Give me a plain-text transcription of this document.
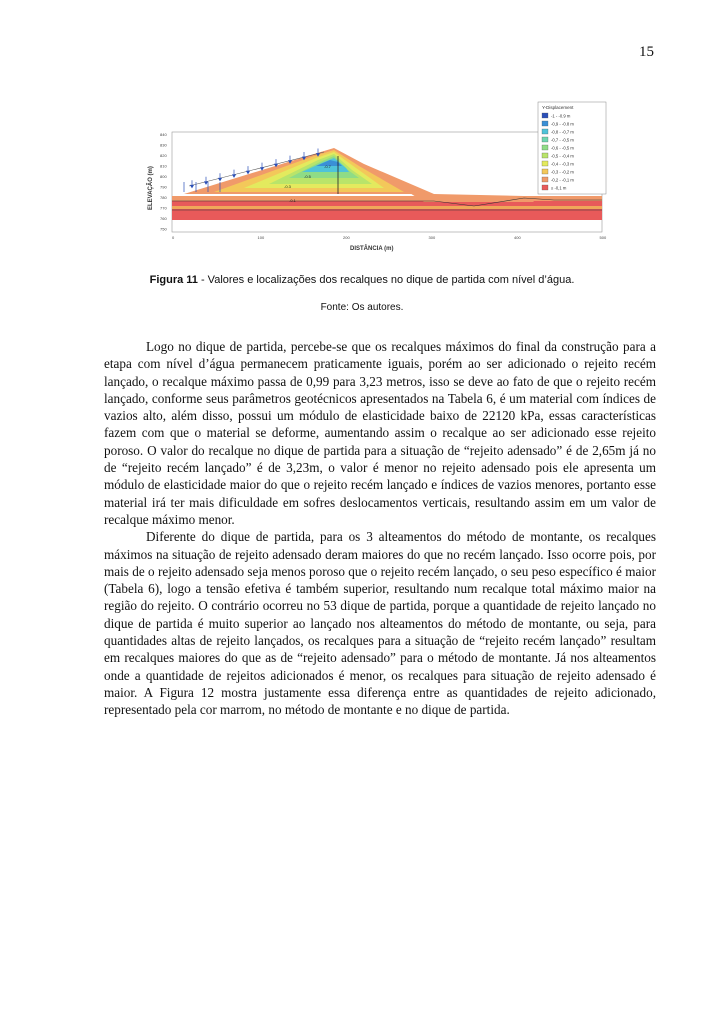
15
840
830
820
810
800
790
780
770
760
750
0	100	200	300	400	500
-0.7
-0.5
-0.3
-0.1
ELEVAÇÃO (m)
DISTÂNCIA (m)
Y-Displacement
-1 - -0.9 m
-0,9 - -0.8 m
-0,8 - -0,7 m
-0,7 - -0,5 m
-0,6 - -0,5 m
-0,5 - -0,4 m
-0,4 - -0,3 m
-0,3 - -0,2 m
-0,2 - -0,1 m
≥ -0,1 m
Figura 11 - Valores e localizações dos recalques no dique de partida com nível d’água.
Fonte: Os autores.

Logo no dique de partida, percebe-se que os recalques máximos do final da construção para a etapa com nível d’água permanecem praticamente iguais, porém ao ser adicionado o rejeito recém lançado, o recalque máximo passa de 0,99 para 3,23 metros, isso se deve ao fato de que o rejeito recém lançado, conforme seus parâmetros geotécnicos apresentados na Tabela 6, é um material com índices de vazios alto, além disso, possui um módulo de elasticidade baixo de 22120 kPa, essas características fazem com que o material se deforme, aumentando assim o recalque ao ser adicionado esse rejeito poroso. O valor do recalque no dique de partida para a situação de “rejeito adensado” é de 2,65m já no de “rejeito recém lançado” é de 3,23m, o valor é menor no rejeito adensado pois ele apresenta um módulo de elasticidade maior do que o rejeito recém lançado e índices de vazios menores, portanto esse material irá ter mais dificuldade em sofres deslocamentos verticais, resultando assim em um valor de recalque máximo menor.

Diferente do dique de partida, para os 3 alteamentos do método de montante, os recalques máximos na situação de rejeito adensado deram maiores do que no recém lançado. Isso ocorre pois, por mais de o rejeito adensado seja menos poroso que o rejeito recém lançado, o seu peso específico é maior (Tabela 6), logo a tensão efetiva é também superior, resultando num recalque total máximo maior na região do rejeito. O contrário ocorreu no 53 dique de partida, porque a quantidade de rejeito lançado no dique de partida é muito superior ao lançado nos alteamentos do método de montante, ou seja, para quantidades altas de rejeito lançados, os recalques para a situação de “rejeito recém lançado” resultam em recalques maiores do que as de “rejeito adensado” para o método de montante. Já nos alteamentos onde a quantidade de rejeitos adicionados é menor, os recalques para situação de rejeito adensado é maior. A Figura 12 mostra justamente essa diferença entre as quantidades de rejeito adicionado, representado pela cor marrom, no método de montante e no dique de partida.
